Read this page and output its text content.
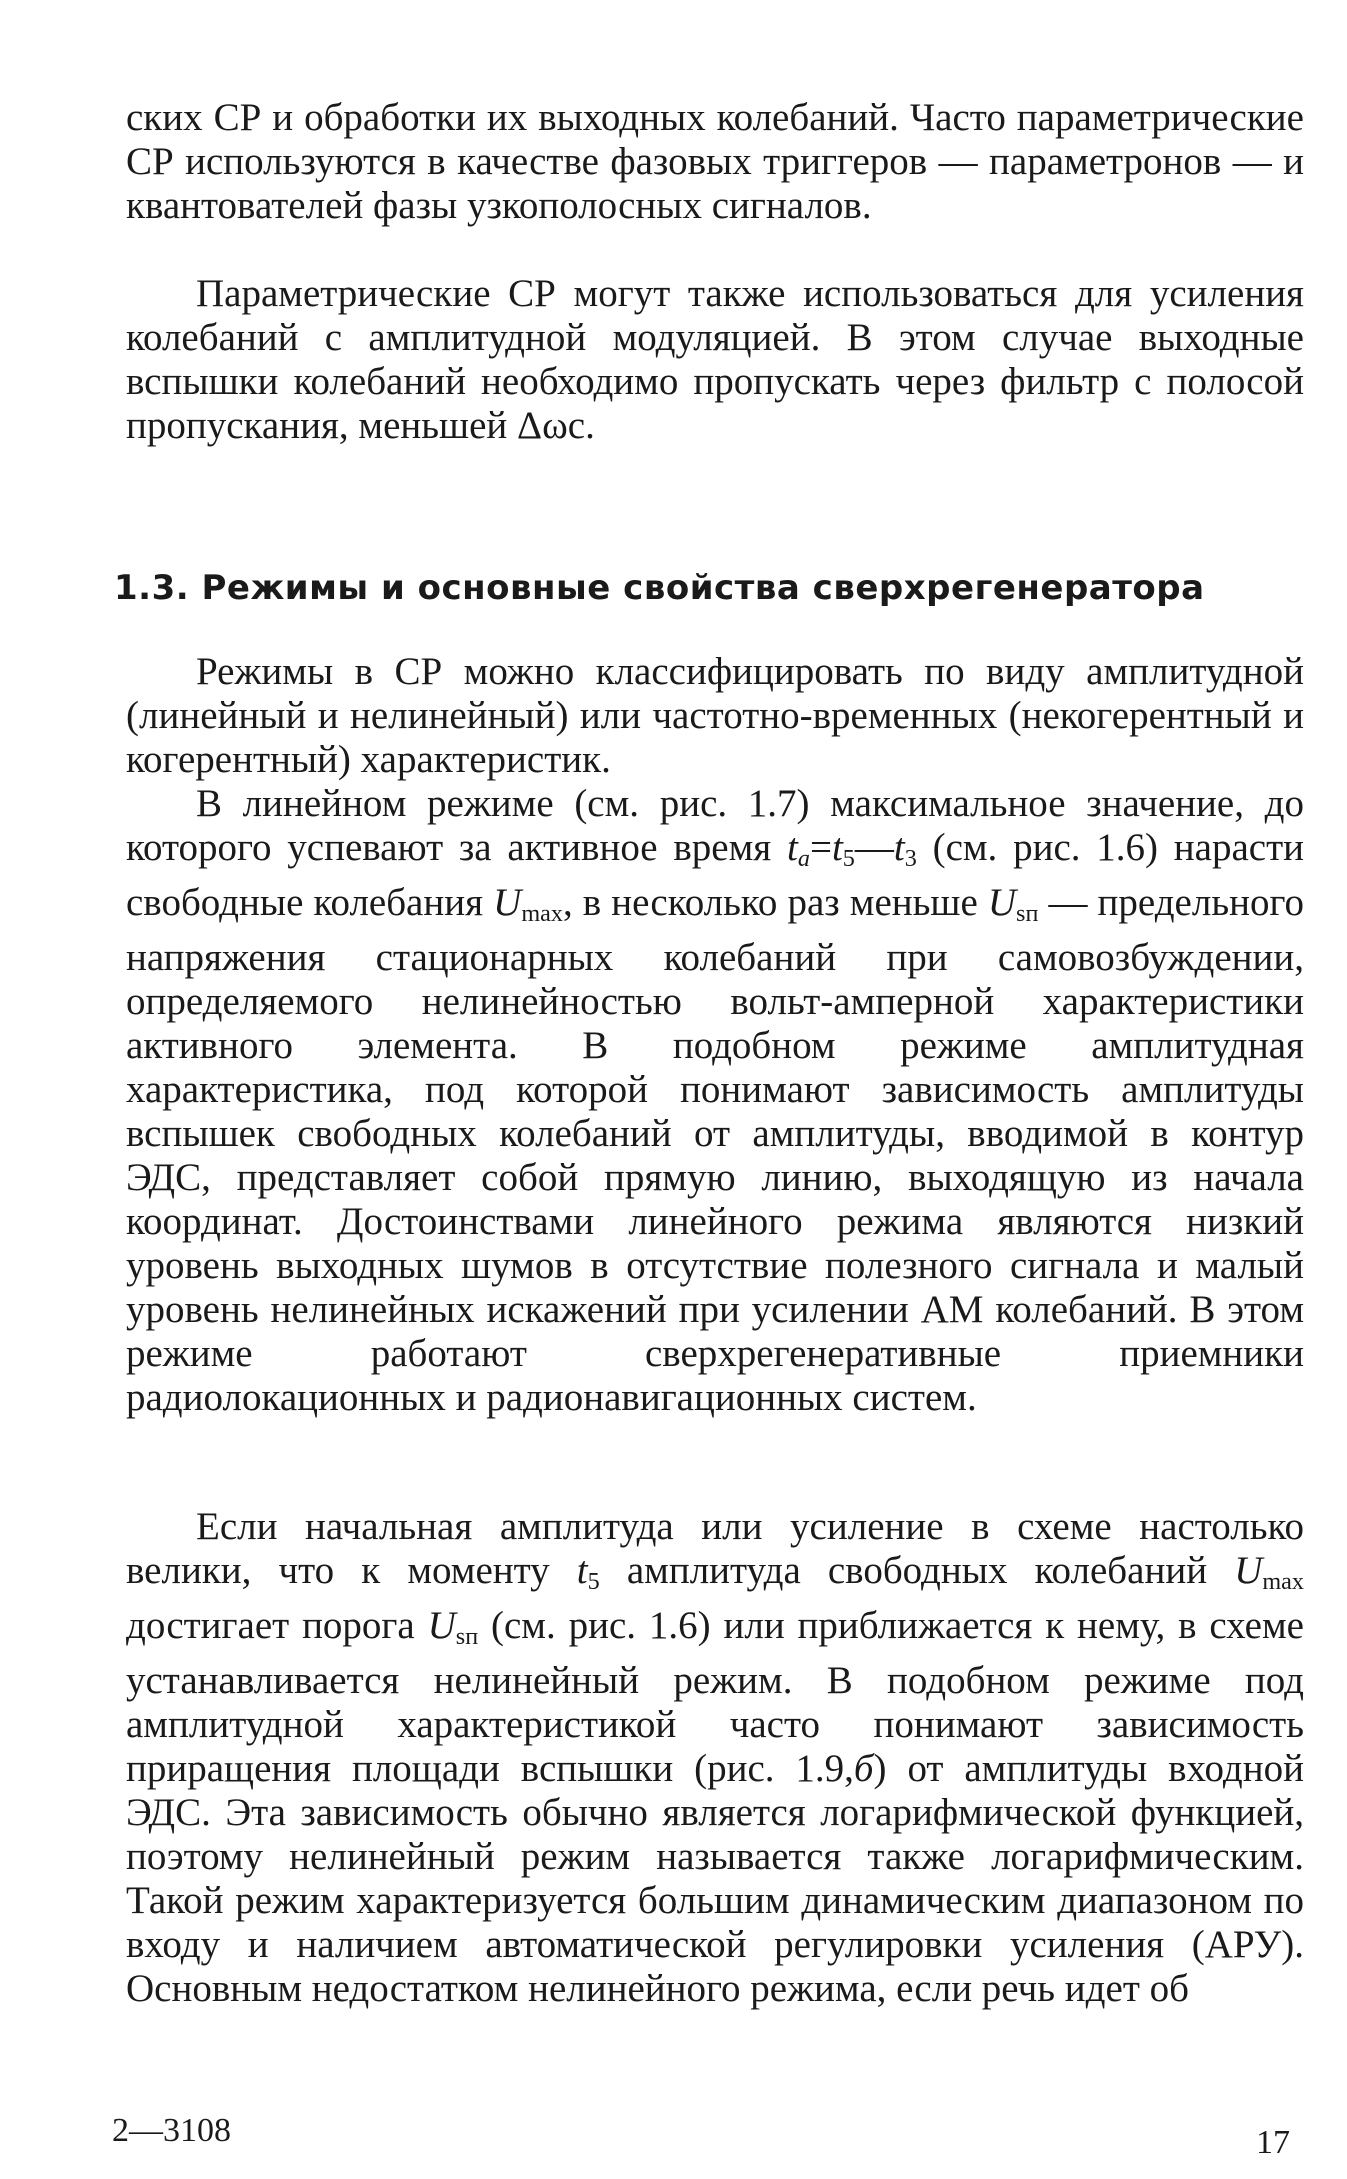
ских СР и обработки их выходных колебаний. Часто параметрические СР используются в качестве фазовых триггеров — параметронов — и квантователей фазы узкополосных сигналов.

Параметрические СР могут также использоваться для усиления колебаний с амплитудной модуляцией. В этом случае выходные вспышки колебаний необходимо пропускать через фильтр с полосой пропускания, меньшей Δωс.

1.3. Режимы и основные свойства сверхрегенератора

Режимы в СР можно классифицировать по виду амплитудной (линейный и нелинейный) или частотно-временных (некогерентный и когерентный) характеристик.

В линейном режиме (см. рис. 1.7) максимальное значение, до которого успевают за активное время $t_a=t_5—t_3$ (см. рис. 1.6) нарасти свободные колебания $U_{max}$, в несколько раз меньше $U_{sп}$ — предельного напряжения стационарных колебаний при самовозбуждении, определяемого нелинейностью вольт-амперной характеристики активного элемента. В подобном режиме амплитудная характеристика, под которой понимают зависимость амплитуды вспышек свободных колебаний от амплитуды, вводимой в контур ЭДС, представляет собой прямую линию, выходящую из начала координат. Достоинствами линейного режима являются низкий уровень выходных шумов в отсутствие полезного сигнала и малый уровень нелинейных искажений при усилении АМ колебаний. В этом режиме работают сверхрегенеративные приемники радиолокационных и радионавигационных систем.

Если начальная амплитуда или усиление в схеме настолько велики, что к моменту $t_5$ амплитуда свободных колебаний $U_{max}$ достигает порога $U_{sп}$ (см. рис. 1.6) или приближается к нему, в схеме устанавливается нелинейный режим. В подобном режиме под амплитудной характеристикой часто понимают зависимость приращения площади вспышки (рис. 1.9,б) от амплитуды входной ЭДС. Эта зависимость обычно является логарифмической функцией, поэтому нелинейный режим называется также логарифмическим. Такой режим характеризуется большим динамическим диапазоном по входу и наличием автоматической регулировки усиления (АРУ). Основным недостатком нелинейного режима, если речь идет об

2—3108	17
